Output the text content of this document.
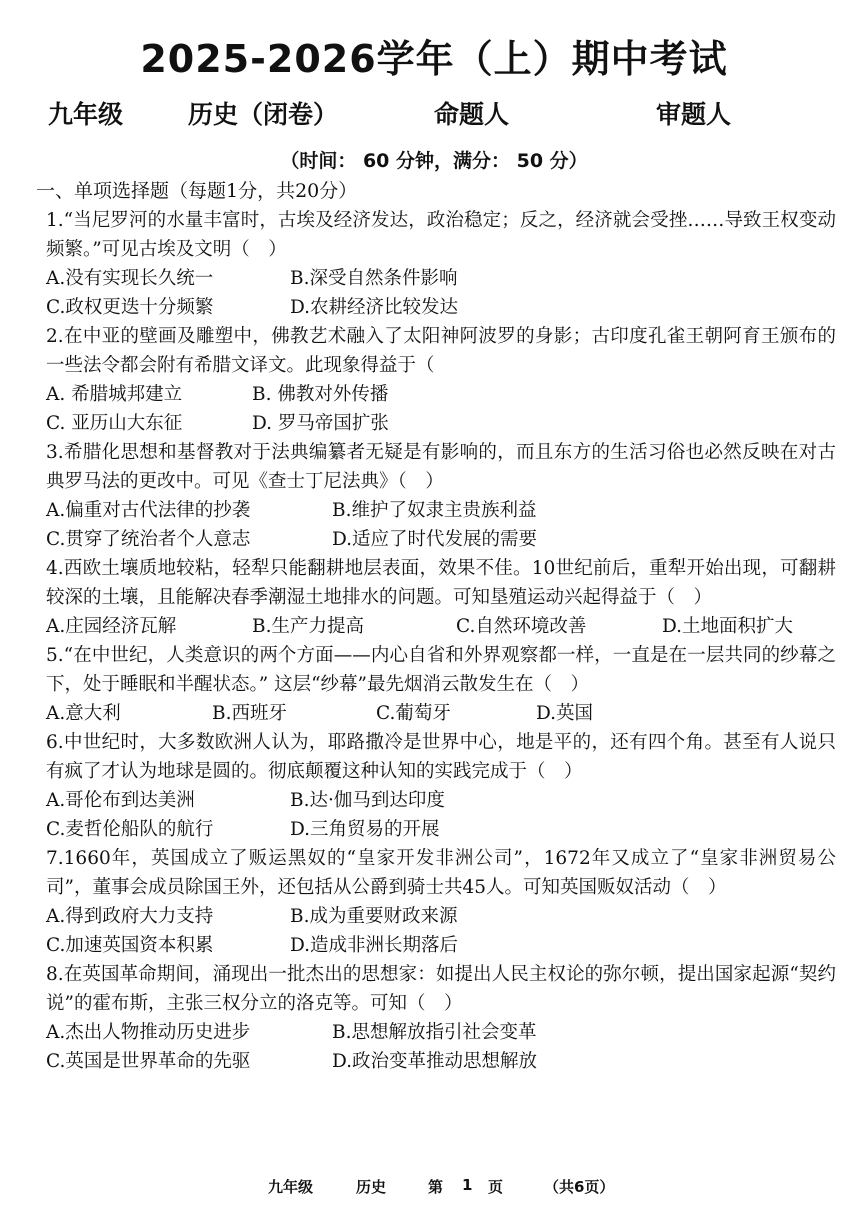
2025-2026学年（上）期中考试
九年级	历史（闭卷）	命题人	审题人
（时间： 60 分钟，满分： 50 分）
一、单项选择题（每题1分，共20分）
1.“当尼罗河的水量丰富时，古埃及经济发达，政治稳定；反之，经济就会受挫……导致王权变动频繁。”可见古埃及文明（　）
A.没有实现长久统一	B.深受自然条件影响
C.政权更迭十分频繁	D.农耕经济比较发达
2.在中亚的壁画及雕塑中，佛教艺术融入了太阳神阿波罗的身影；古印度孔雀王朝阿育王颁布的一些法令都会附有希腊文译文。此现象得益于（
A. 希腊城邦建立	B. 佛教对外传播
C. 亚历山大东征	D. 罗马帝国扩张
3.希腊化思想和基督教对于法典编纂者无疑是有影响的，而且东方的生活习俗也必然反映在对古典罗马法的更改中。可见《查士丁尼法典》（　）
A.偏重对古代法律的抄袭	B.维护了奴隶主贵族利益
C.贯穿了统治者个人意志	D.适应了时代发展的需要
4.西欧土壤质地较粘，轻犁只能翻耕地层表面，效果不佳。10世纪前后，重犁开始出现，可翻耕较深的土壤，且能解决春季潮湿土地排水的问题。可知垦殖运动兴起得益于（　）
A.庄园经济瓦解	B.生产力提高	C.自然环境改善	D.土地面积扩大
5.“在中世纪，人类意识的两个方面——内心自省和外界观察都一样，一直是在一层共同的纱幕之下，处于睡眠和半醒状态。” 这层“纱幕”最先烟消云散发生在（　）
A.意大利	B.西班牙	C.葡萄牙	D.英国
6.中世纪时，大多数欧洲人认为，耶路撒冷是世界中心，地是平的，还有四个角。甚至有人说只有疯了才认为地球是圆的。彻底颠覆这种认知的实践完成于（　）
A.哥伦布到达美洲	B.达·伽马到达印度
C.麦哲伦船队的航行	D.三角贸易的开展
7.1660年，英国成立了贩运黑奴的“皇家开发非洲公司”，1672年又成立了“皇家非洲贸易公司”，董事会成员除国王外，还包括从公爵到骑士共45人。可知英国贩奴活动（　）
A.得到政府大力支持	B.成为重要财政来源
C.加速英国资本积累	D.造成非洲长期落后
8.在英国革命期间，涌现出一批杰出的思想家：如提出人民主权论的弥尔顿，提出国家起源“契约说”的霍布斯，主张三权分立的洛克等。可知（　）
A.杰出人物推动历史进步	B.思想解放指引社会变革
C.英国是世界革命的先驱	D.政治变革推动思想解放
九年级	历史	第 1 页	（共6页）
